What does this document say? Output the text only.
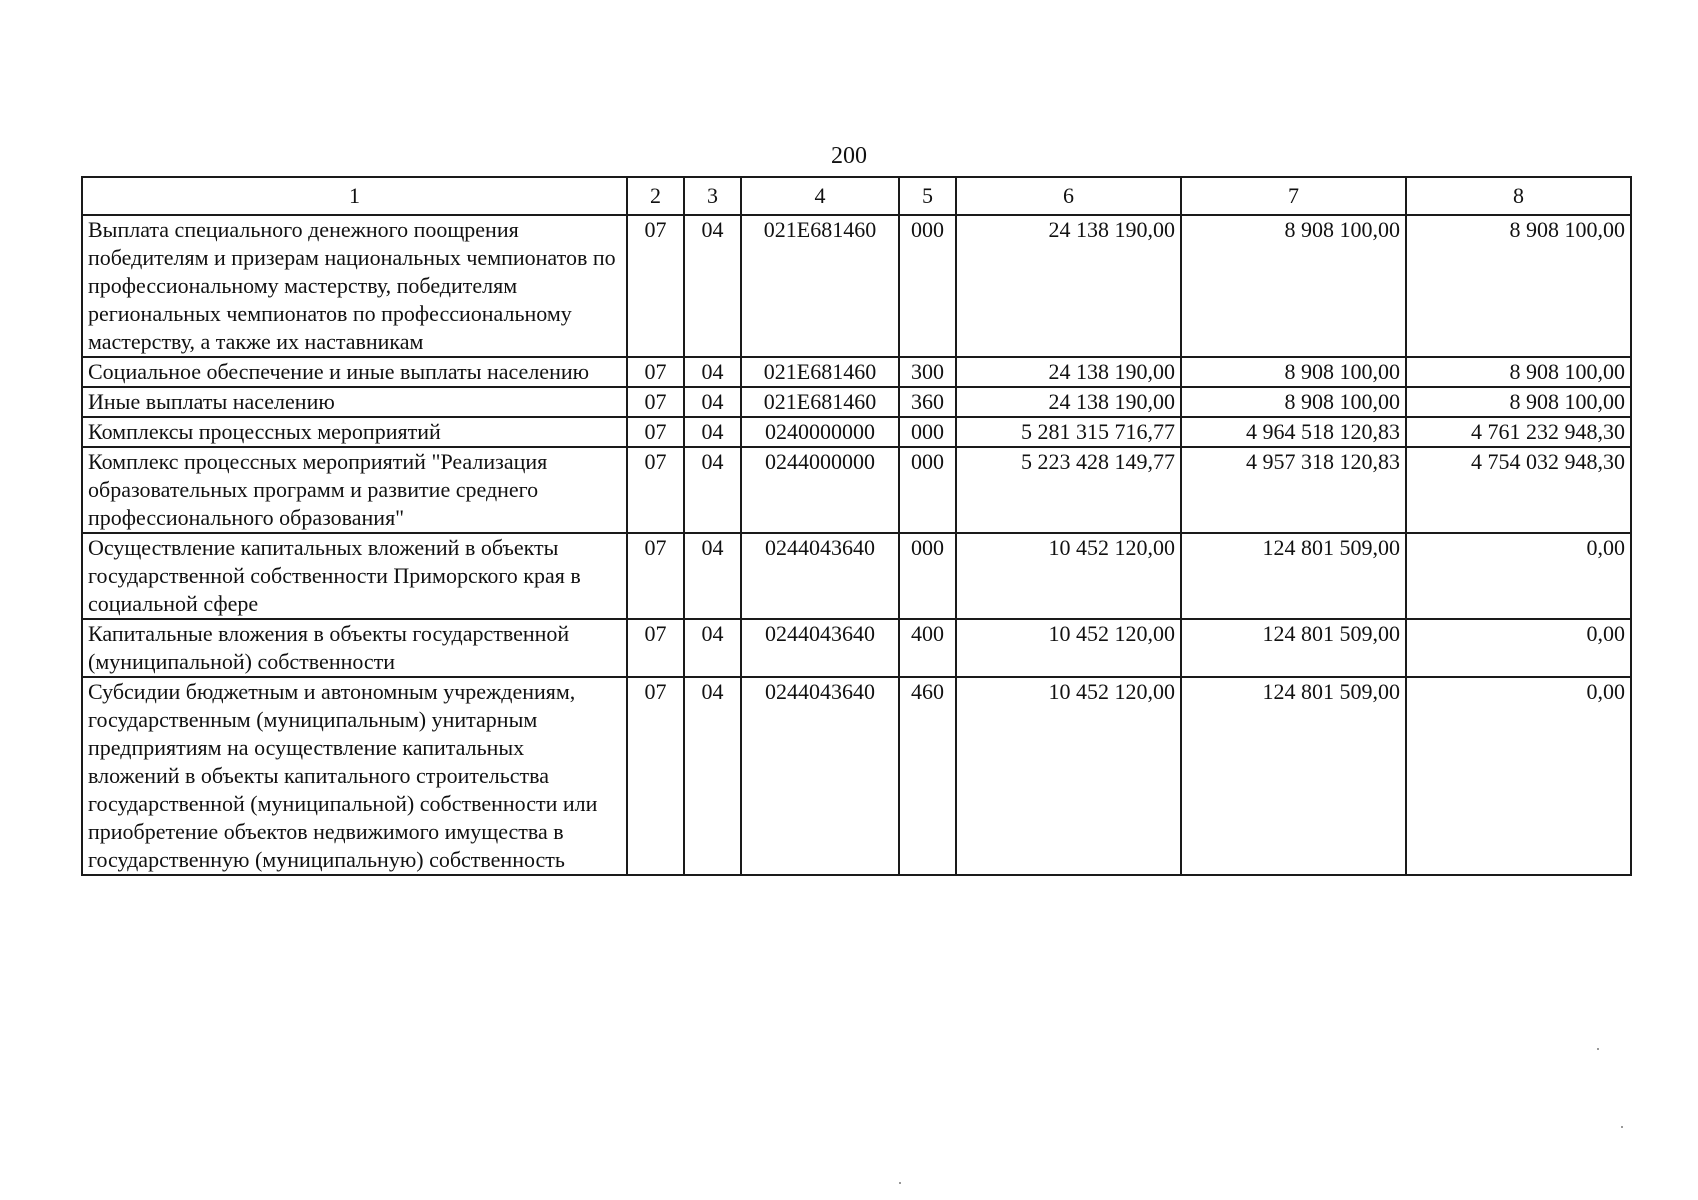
200
1	2	3	4	5	6	7	8
Выплата специального денежного поощрения победителям и призерам национальных чемпионатов по профессиональному мастерству, победителям региональных чемпионатов по профессиональному мастерству, а также их наставникам	07	04	021Е681460	000	24 138 190,00	8 908 100,00	8 908 100,00
Социальное обеспечение и иные выплаты населению	07	04	021Е681460	300	24 138 190,00	8 908 100,00	8 908 100,00
Иные выплаты населению	07	04	021Е681460	360	24 138 190,00	8 908 100,00	8 908 100,00
Комплексы процессных мероприятий	07	04	0240000000	000	5 281 315 716,77	4 964 518 120,83	4 761 232 948,30
Комплекс процессных мероприятий "Реализация образовательных программ и развитие среднего профессионального образования"	07	04	0244000000	000	5 223 428 149,77	4 957 318 120,83	4 754 032 948,30
Осуществление капитальных вложений в объекты государственной собственности Приморского края в социальной сфере	07	04	0244043640	000	10 452 120,00	124 801 509,00	0,00
Капитальные вложения в объекты государственной (муниципальной) собственности	07	04	0244043640	400	10 452 120,00	124 801 509,00	0,00
Субсидии бюджетным и автономным учреждениям, государственным (муниципальным) унитарным предприятиям на осуществление капитальных вложений в объекты капитального строительства государственной (муниципальной) собственности или приобретение объектов недвижимого имущества в государственную (муниципальную) собственность	07	04	0244043640	460	10 452 120,00	124 801 509,00	0,00
